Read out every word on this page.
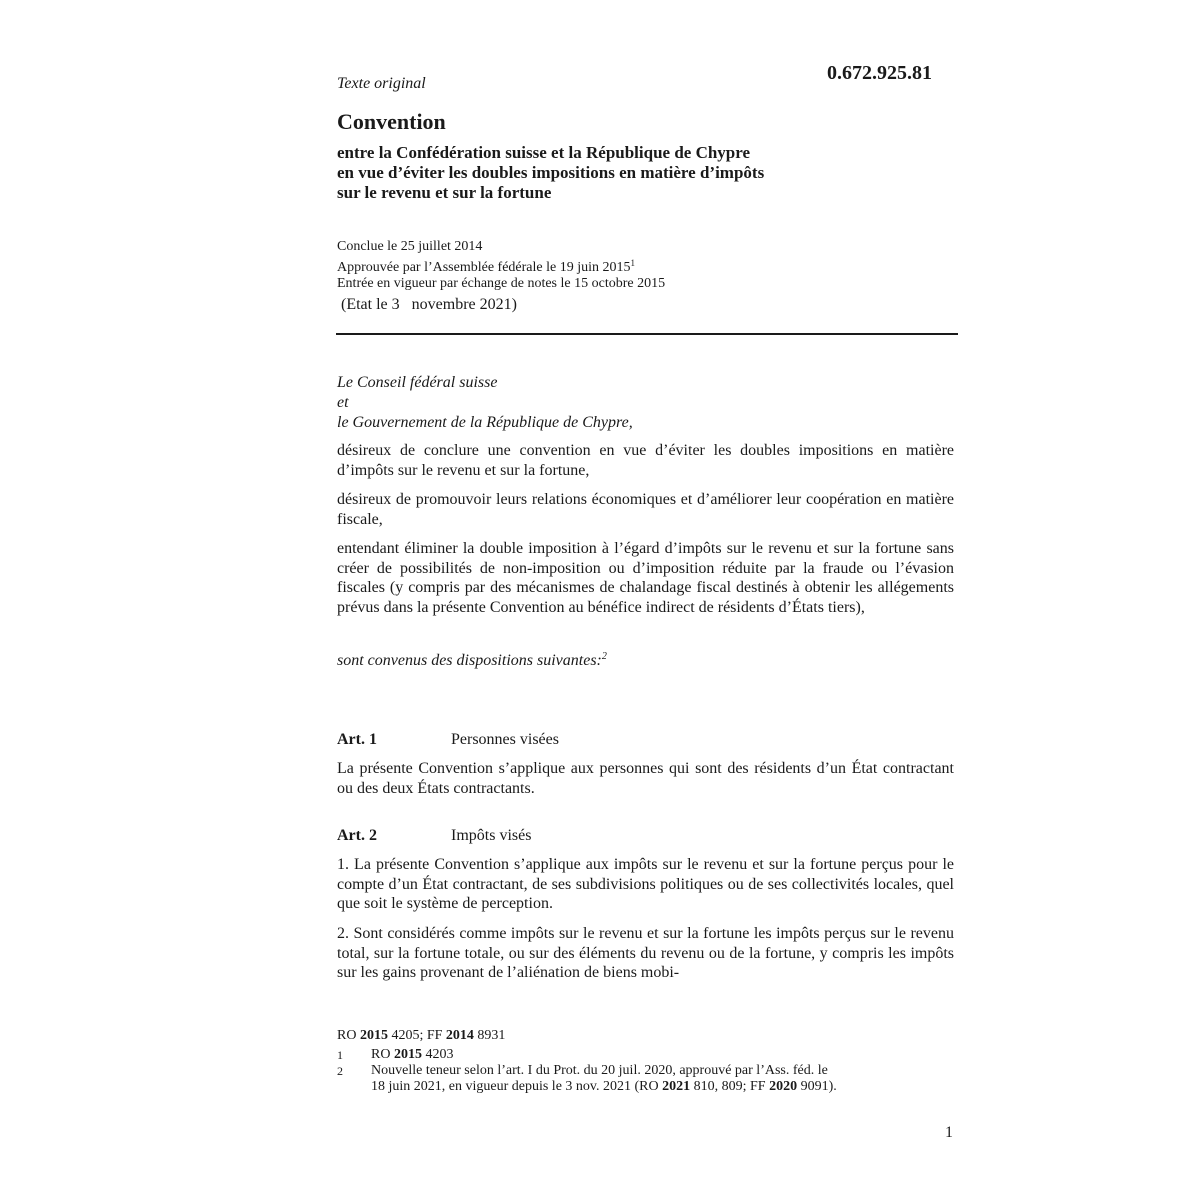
Texte original	0.672.925.81
Convention
entre la Confédération suisse et la République de Chypre
en vue d’éviter les doubles impositions en matière d’impôts
sur le revenu et sur la fortune
Conclue le 25 juillet 2014
Approuvée par l’Assemblée fédérale le 19 juin 2015$^1$
Entrée en vigueur par échange de notes le 15 octobre 2015
(Etat le 3   novembre 2021)
Le Conseil fédéral suisse
et
le Gouvernement de la République de Chypre,
désireux de conclure une convention en vue d’éviter les doubles impositions en matière d’impôts sur le revenu et sur la fortune,
désireux de promouvoir leurs relations économiques et d’améliorer leur coopération en matière fiscale,
entendant éliminer la double imposition à l’égard d’impôts sur le revenu et sur la fortune sans créer de possibilités de non-imposition ou d’imposition réduite par la fraude ou l’évasion fiscales (y compris par des mécanismes de chalandage fiscal destinés à obtenir les allégements prévus dans la présente Convention au bénéfice indirect de résidents d’États tiers),
sont convenus des dispositions suivantes:$^2$
Art. 1	Personnes visées
La présente Convention s’applique aux personnes qui sont des résidents d’un État contractant ou des deux États contractants.
Art. 2	Impôts visés
1. La présente Convention s’applique aux impôts sur le revenu et sur la fortune perçus pour le compte d’un État contractant, de ses subdivisions politiques ou de ses collectivités locales, quel que soit le système de perception.
2. Sont considérés comme impôts sur le revenu et sur la fortune les impôts perçus sur le revenu total, sur la fortune totale, ou sur des éléments du revenu ou de la fortune, y compris les impôts sur les gains provenant de l’aliénation de biens mobi-
RO 2015 4205; FF 2014 8931
1	RO 2015 4203
2	Nouvelle teneur selon l’art. I du Prot. du 20 juil. 2020, approuvé par l’Ass. féd. le
18 juin 2021, en vigueur depuis le 3 nov. 2021 (RO 2021 810, 809; FF 2020 9091).
1
